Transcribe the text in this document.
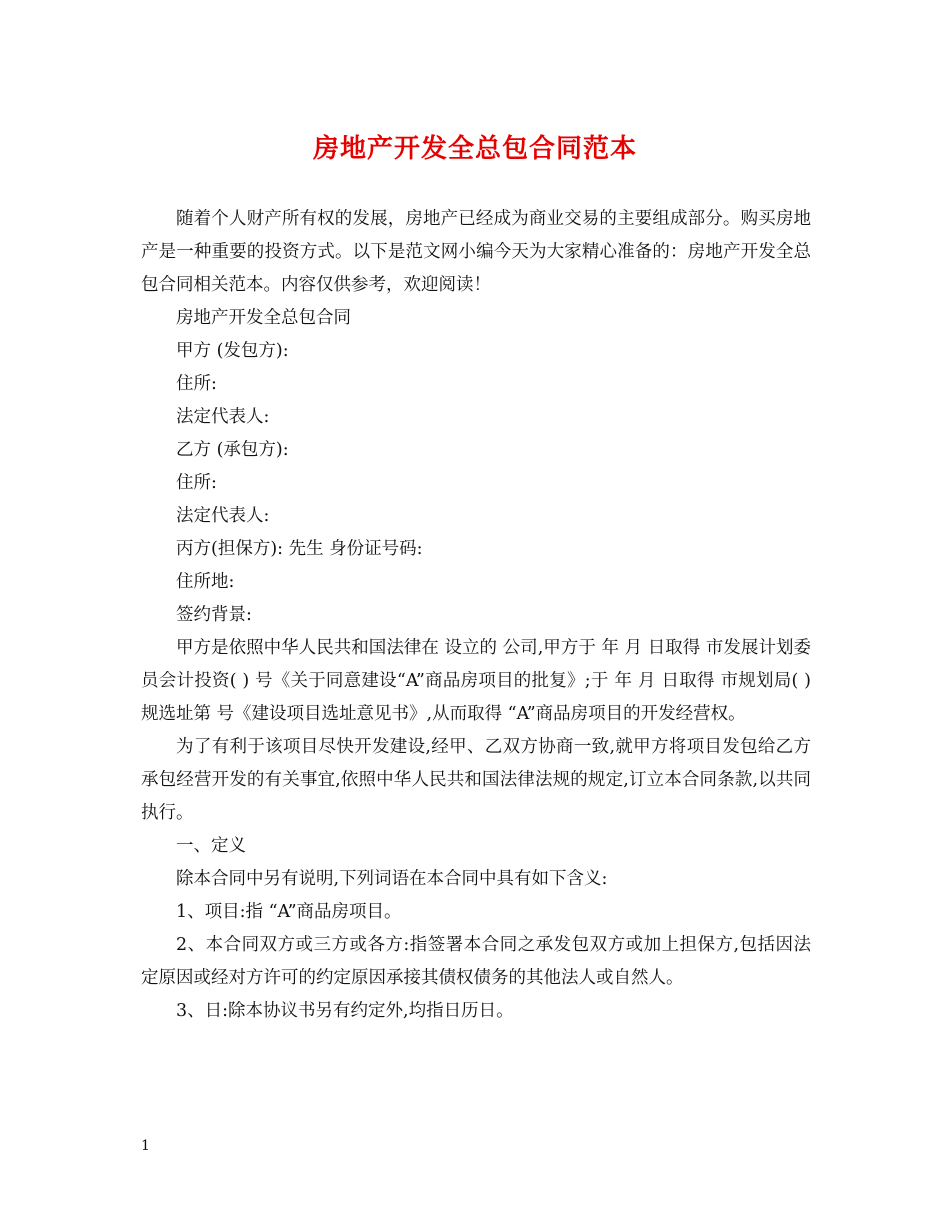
房地产开发全总包合同范本

随着个人财产所有权的发展，房地产已经成为商业交易的主要组成部分。购买房地产是一种重要的投资方式。以下是范文网小编今天为大家精心准备的：房地产开发全总包合同相关范本。内容仅供参考，欢迎阅读！

房地产开发全总包合同

甲方 (发包方):

住所:

法定代表人:

乙方 (承包方):

住所:

法定代表人:

丙方(担保方): 先生 身份证号码:

住所地:

签约背景:

甲方是依照中华人民共和国法律在 设立的 公司,甲方于 年 月 日取得 市发展计划委员会计投资( ) 号《关于同意建设“A”商品房项目的批复》;于 年 月 日取得 市规划局( )规选址第 号《建设项目选址意见书》,从而取得 “A”商品房项目的开发经营权。

为了有利于该项目尽快开发建设,经甲、乙双方协商一致,就甲方将项目发包给乙方承包经营开发的有关事宜,依照中华人民共和国法律法规的规定,订立本合同条款,以共同执行。

一、定义

除本合同中另有说明,下列词语在本合同中具有如下含义:

1、项目:指 “A”商品房项目。

2、本合同双方或三方或各方:指签署本合同之承发包双方或加上担保方,包括因法定原因或经对方许可的约定原因承接其债权债务的其他法人或自然人。

3、日:除本协议书另有约定外,均指日历日。

1
